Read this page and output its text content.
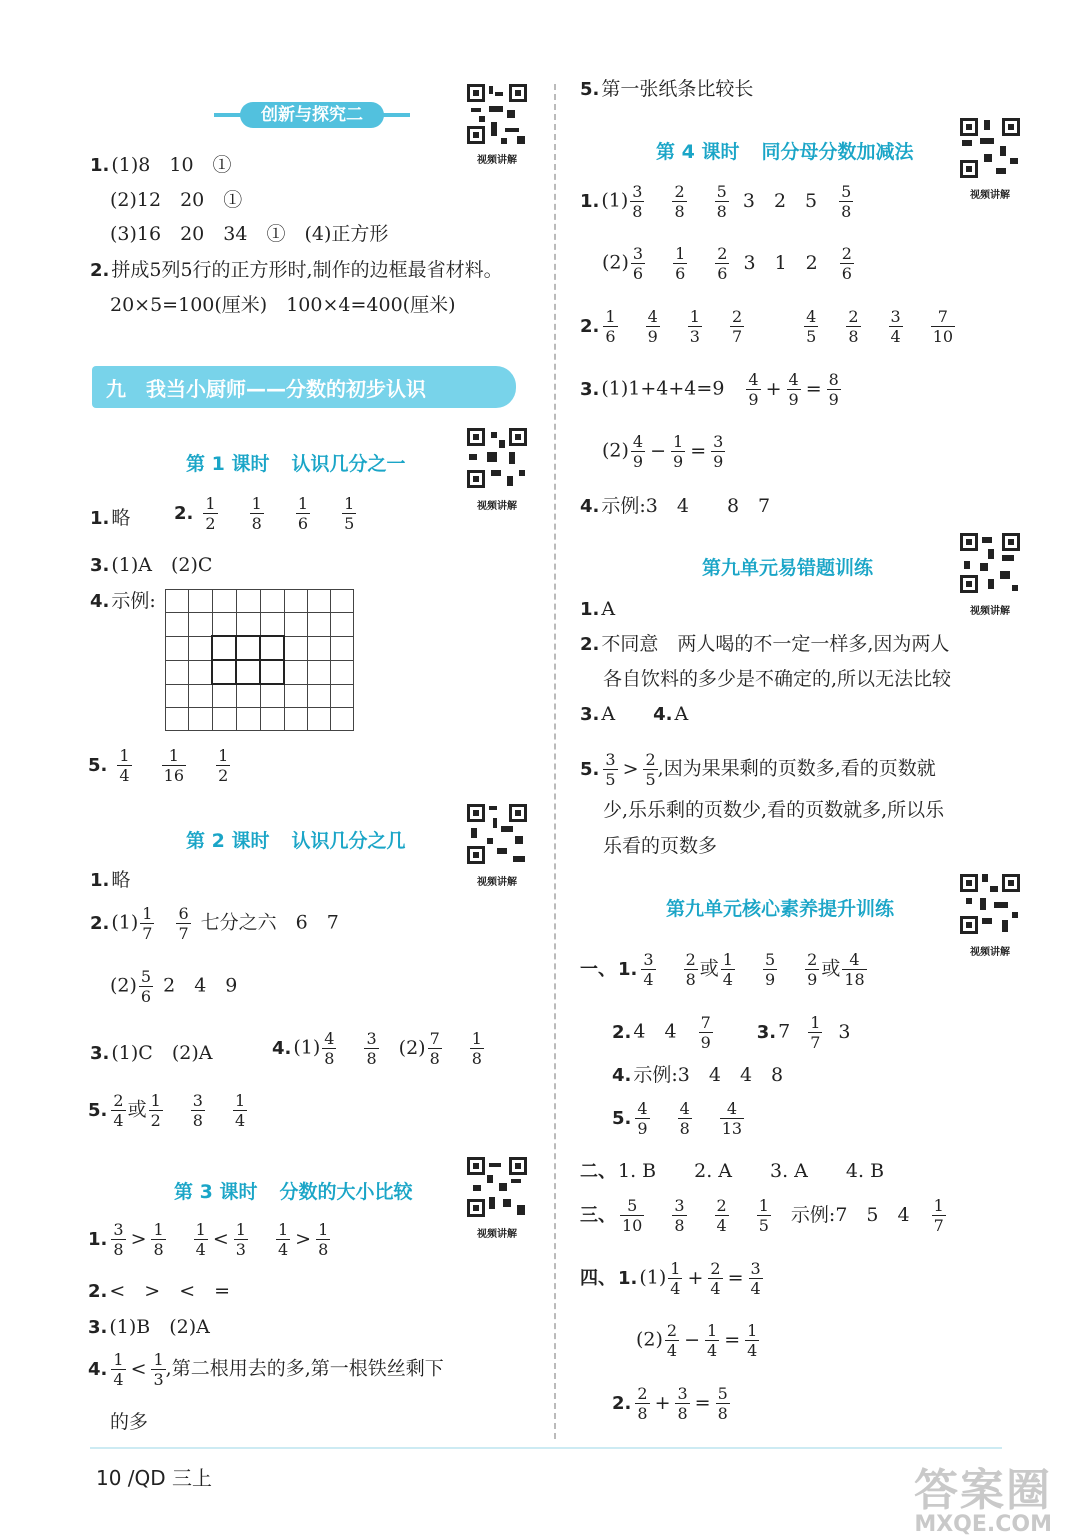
创新与探究二
1. (1)8　10　①
(2)12　20　①
(3)16　20　34　①　(4)正方形
2. 拼成5列5行的正方形时,制作的边框最省材料。
20×5=100(厘米)　100×4=400(厘米)
九　我当小厨师——分数的初步认识
第 1 课时 认识几分之一
1. 略 2. $\frac{1}{2}$
$\frac{1}{8}$
$\frac{1}{6}$
$\frac{1}{5}$
3. (1)A　(2)C
4. 示例:

5. $\frac{1}{4}$
$\frac{1}{16}$
$\frac{1}{2}$
第 2 课时 认识几分之几
1. 略
2. $(1) \frac{1}{7} \frac{6}{7}$ 七分之六　6　7
$(2) \frac{5}{6} 2$　4　9
3. (1)C　(2)A	4. $(1) \frac{4}{8} \frac{3}{8} (2) \frac{7}{8} \frac{1}{8}$
5. $\frac{2}{4}$ 或 $\frac{1}{2} \frac{3}{8} \frac{1}{4}$
第 3 课时 分数的大小比较
1. $\frac{3}{8} > \frac{1}{8} \frac{1}{4} < \frac{1}{3} \frac{1}{4} > \frac{1}{8}$
2. <　>　<　=
3. (1)B　(2)A
4. $\frac{1}{4} < \frac{1}{3}$ ,第二根用去的多,第一根铁丝剩下
的多
5. 第一张纸条比较长
第 4 课时 同分母分数加减法
1. $(1) \frac{3}{8} \frac{2}{8} \frac{5}{8} 3$　2　$5 \frac{5}{8}$
$(2) \frac{3}{6} \frac{1}{6} \frac{2}{6} 3$　1　$2 \frac{2}{6}$
2. $\frac{1}{6} \frac{4}{9} \frac{1}{3} \frac{2}{7}$	$\frac{4}{5} \frac{2}{8} \frac{3}{4} \frac{7}{10}$
3. $(1)1+4+4=9 \frac{4}{9} + \frac{4}{9} = \frac{8}{9}$
$(2) \frac{4}{9} - \frac{1}{9} = \frac{3}{9}$
4. 示例:3　4　　8　7
第九单元易错题训练
1. A
2. 不同意　两人喝的不一定一样多,因为两人
各自饮料的多少是不确定的,所以无法比较
3. A 4. A
5. $\frac{3}{5} > \frac{2}{5}$ ,因为果果剩的页数多,看的页数就
少,乐乐剩的页数少,看的页数就多,所以乐
乐看的页数多
第九单元核心素养提升训练
一、 1. $\frac{3}{4} \frac{2}{8}$ 或 $\frac{1}{4} \frac{5}{9} \frac{2}{9}$ 或 $\frac{4}{18}$
2. 4　$4 \frac{7}{9} 3$. $7 \frac{1}{7} 3$
4. 示例:3　4　4　8
5. $\frac{4}{9} \frac{4}{8} \frac{4}{13}$
二、 1. B　　2. A　　3. A　　4. B
三、 $\frac{5}{10} \frac{3}{8} \frac{2}{4} \frac{1}{5}$ 示例:7　5　$4 \frac{1}{7}$
四、 1. $(1) \frac{1}{4} + \frac{2}{4} = \frac{3}{4}$
$(2) \frac{2}{4} - \frac{1}{4} = \frac{1}{4}$
2. $\frac{2}{8} + \frac{3}{8} = \frac{5}{8}$
视频讲解
视频讲解
视频讲解
视频讲解
视频讲解
视频讲解
视频讲解
10 /QD 三上	答案圈
MXQE.COM
